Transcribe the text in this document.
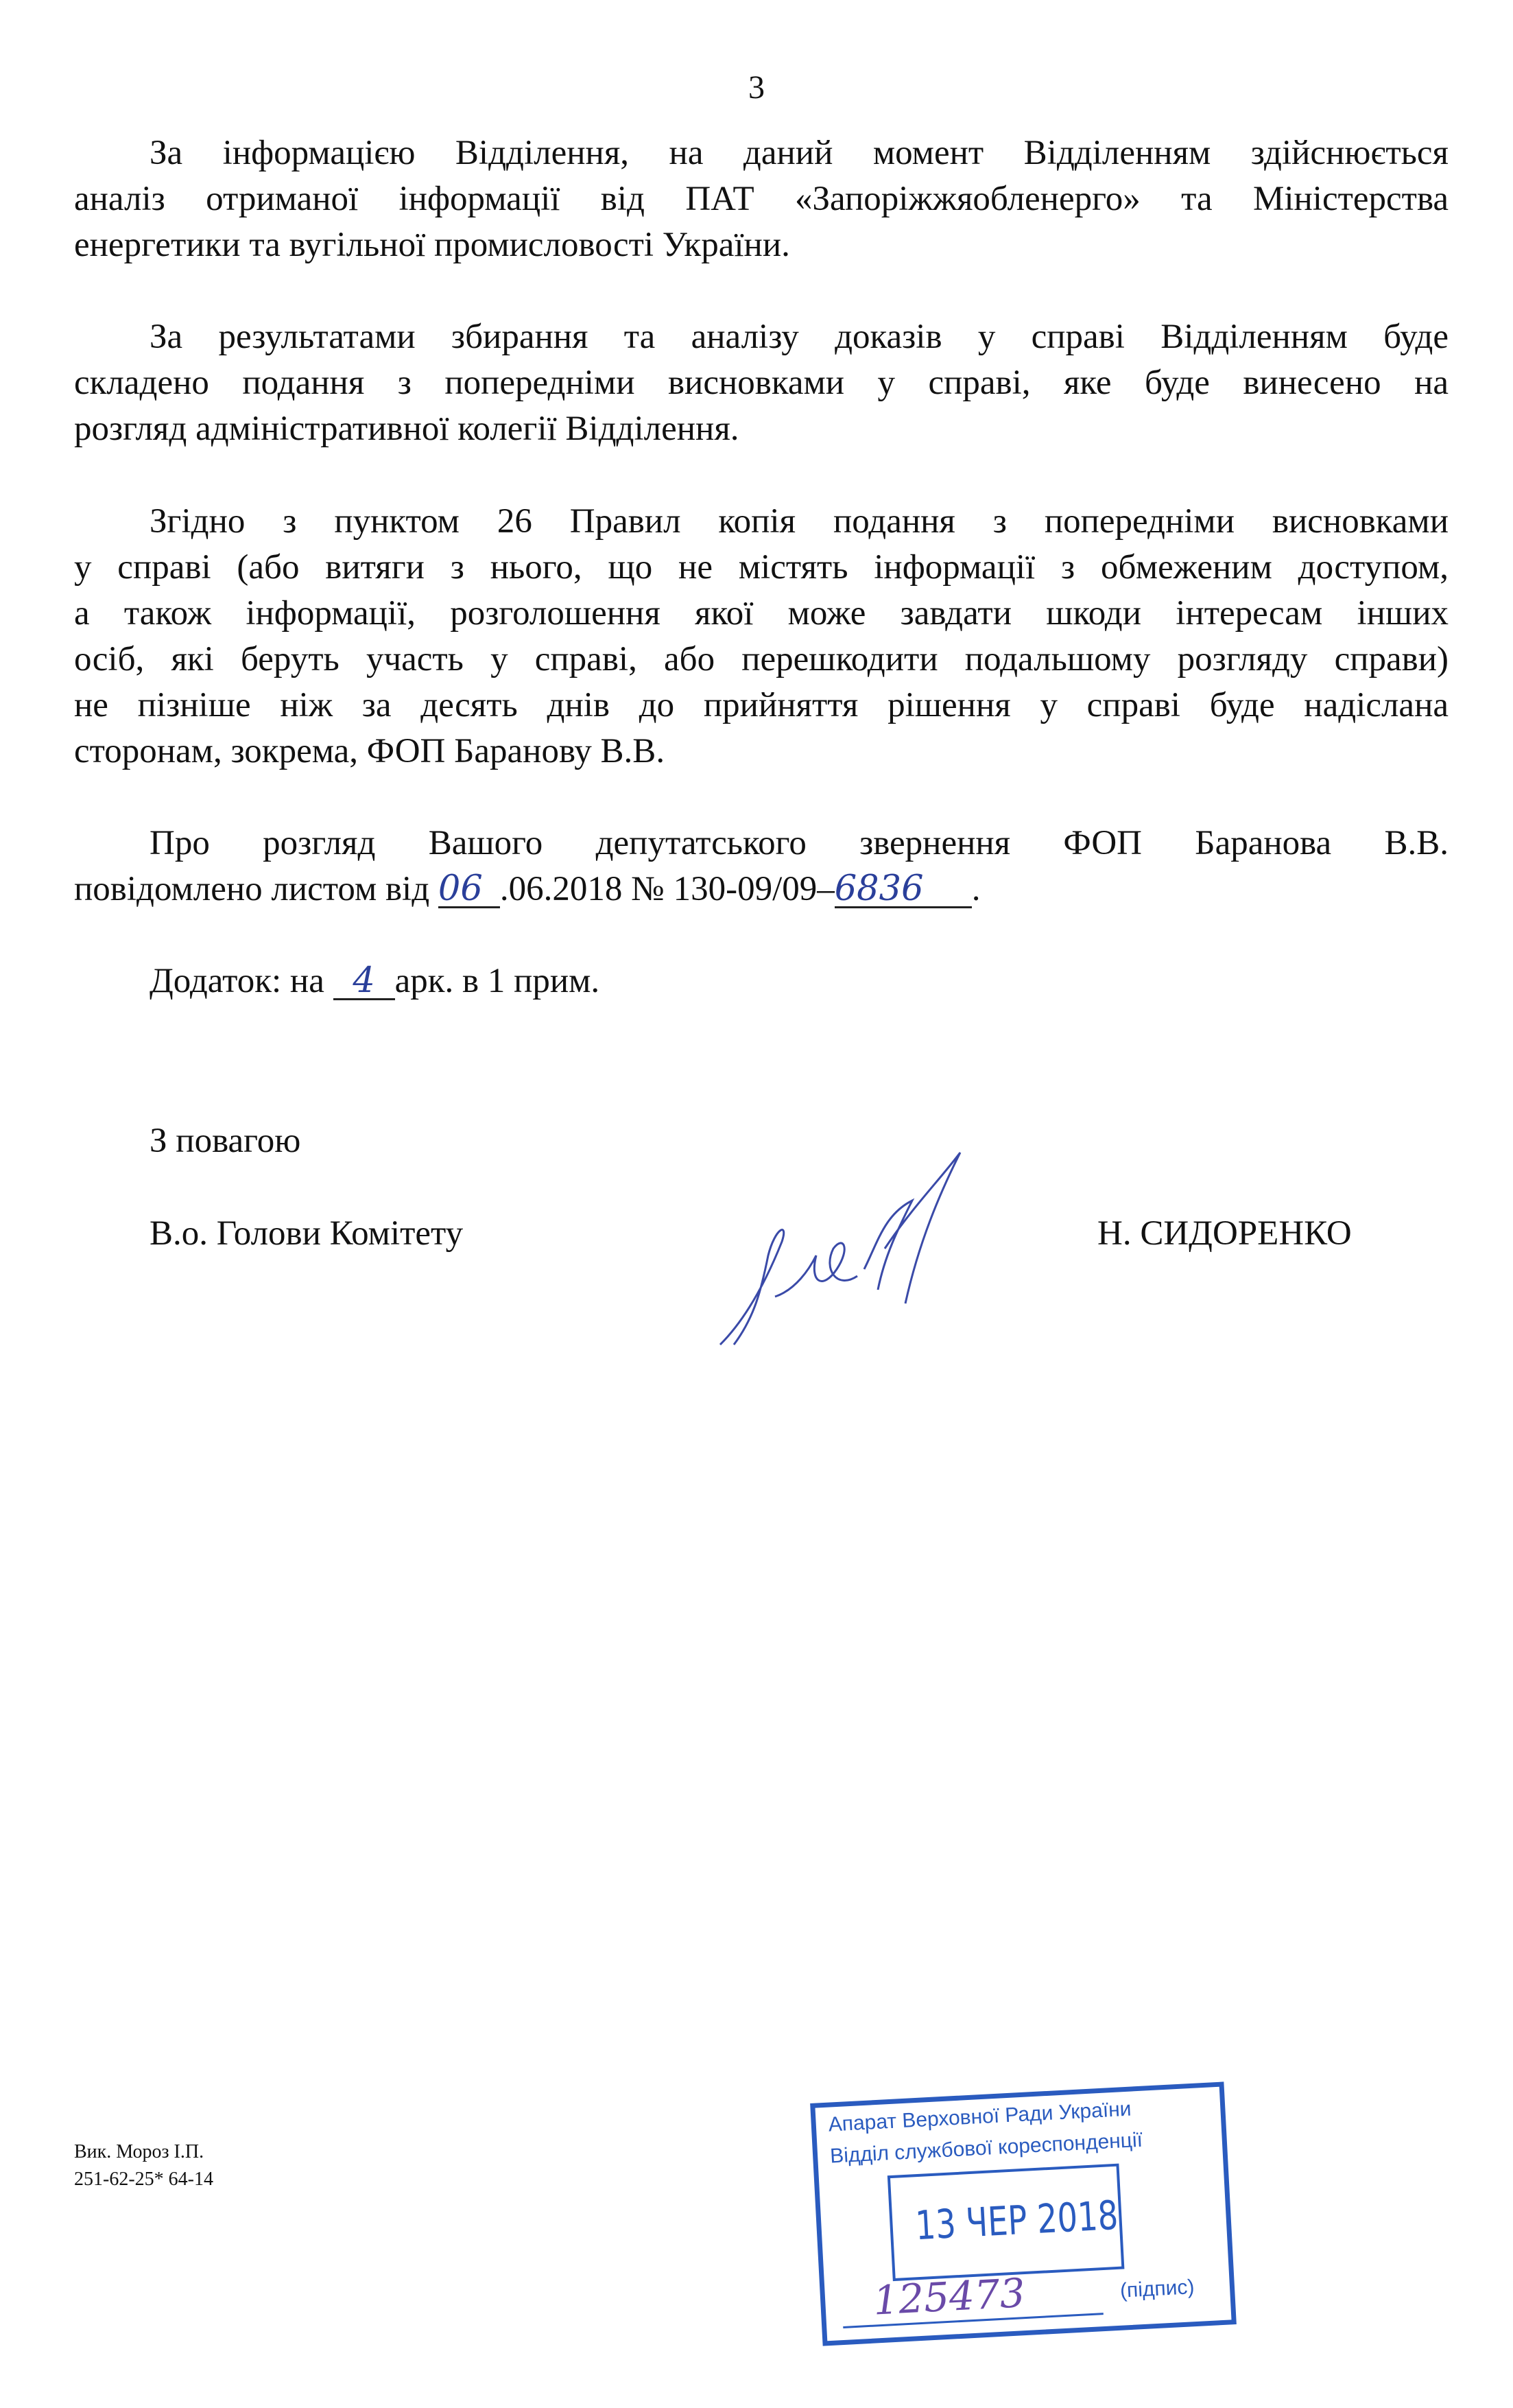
3
За інформацією Відділення, на даний момент Відділенням здійснюється
аналіз отриманої інформації від ПАТ «Запоріжжяобленерго» та Міністерства
енергетики та вугільної промисловості України.
За результатами збирання та аналізу доказів у справі Відділенням буде
складено подання з попередніми висновками у справі, яке буде винесено на
розгляд адміністративної колегії Відділення.
Згідно з пунктом 26 Правил копія подання з попередніми висновками
у справі (або витяги з нього, що не містять інформації з обмеженим доступом,
а також інформації, розголошення якої може завдати шкоди інтересам інших
осіб, які беруть участь у справі, або перешкодити подальшому розгляду справи)
не пізніше ніж за десять днів до прийняття рішення у справі буде надіслана
сторонам, зокрема, ФОП Баранову В.В.
Про розгляд Вашого депутатського звернення ФОП Баранова В.В.
повідомлено листом від 06 .06.2018 № 130-09/09–6836 .
Додаток: на 4 арк. в 1 прим.
З повагою
В.о. Голови Комітету	Н. СИДОРЕНКО
Вик. Мороз І.П.
251-62-25* 64-14
Апарат Верховної Ради України
Відділ службової кореспонденції
13 ЧЕР 2018
125473	(підпис)
